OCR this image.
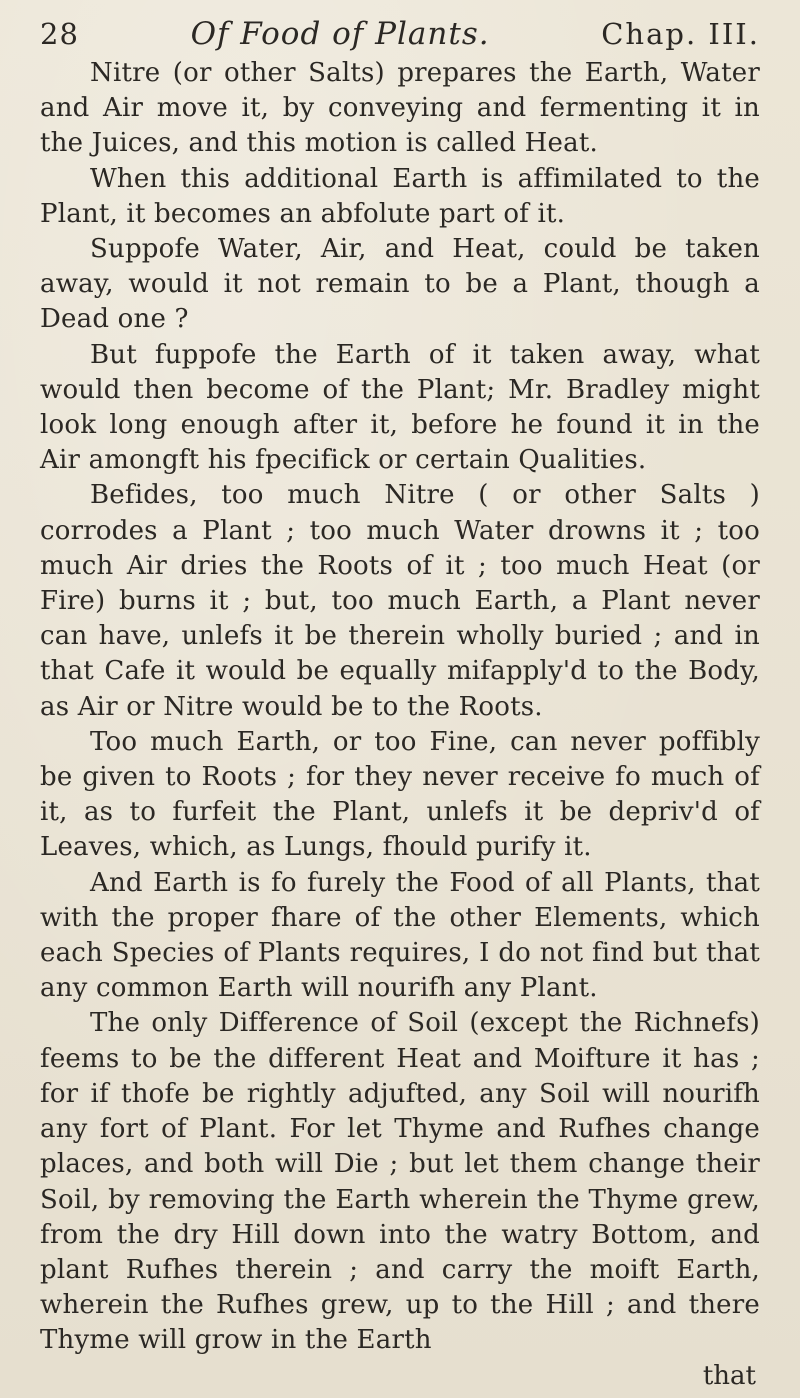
28	Of Food of Plants.	Chap. III.

Nitre (or other Salts) prepares the Earth, Water and Air move it, by conveying and fermenting it in the Juices, and this motion is called Heat.

When this additional Earth is affimilated to the Plant, it becomes an abfolute part of it.

Suppofe Water, Air, and Heat, could be taken away, would it not remain to be a Plant, though a Dead one ?

But fuppofe the Earth of it taken away, what would then become of the Plant; Mr. Bradley might look long enough after it, before he found it in the Air amongft his fpecifick or certain Qualities.

Befides, too much Nitre ( or other Salts ) corrodes a Plant ; too much Water drowns it ; too much Air dries the Roots of it ; too much Heat (or Fire) burns it ; but, too much Earth, a Plant never can have, unlefs it be therein wholly buried ; and in that Cafe it would be equally mifapply'd to the Body, as Air or Nitre would be to the Roots.

Too much Earth, or too Fine, can never poffibly be given to Roots ; for they never receive fo much of it, as to furfeit the Plant, unlefs it be depriv'd of Leaves, which, as Lungs, fhould purify it.

And Earth is fo furely the Food of all Plants, that with the proper fhare of the other Elements, which each Species of Plants requires, I do not find but that any common Earth will nourifh any Plant.

The only Difference of Soil (except the Richnefs) feems to be the different Heat and Moifture it has ; for if thofe be rightly adjufted, any Soil will nourifh any fort of Plant. For let Thyme and Rufhes change places, and both will Die ; but let them change their Soil, by removing the Earth wherein the Thyme grew, from the dry Hill down into the watry Bottom, and plant Rufhes therein ; and carry the moift Earth, wherein the Rufhes grew, up to the Hill ; and there Thyme will grow in the Earth

that
